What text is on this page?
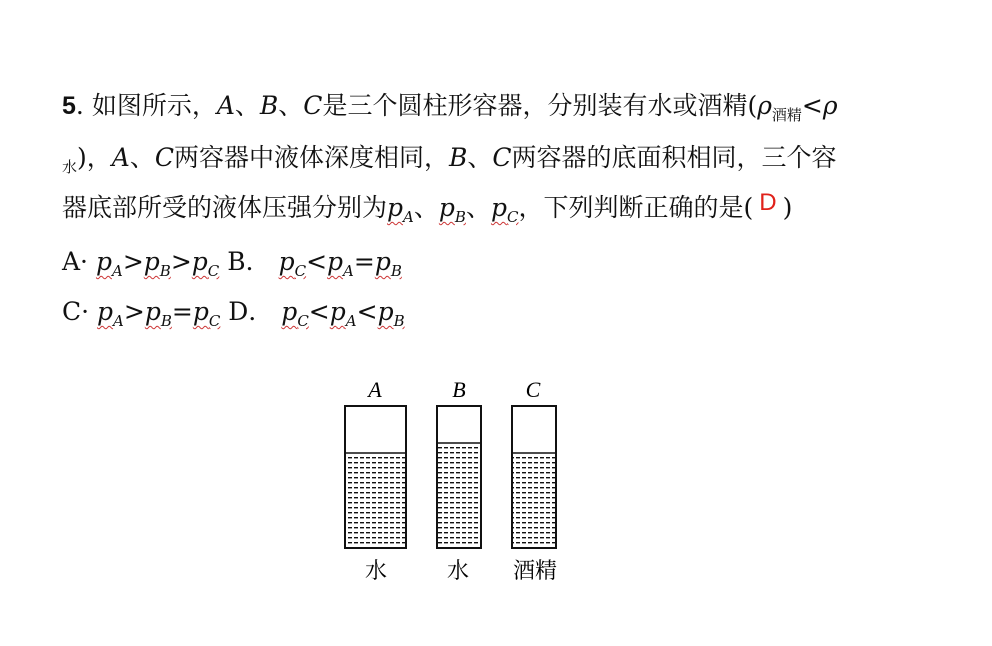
5. 如图所示，A、B、C是三个圆柱形容器，分别装有水或酒精($\rho_{酒精}<\rho$
$_水$)，A、C两容器中液体深度相同，B、C两容器的底面积相同，三个容
器底部所受的液体压强分别为$p_A$、$p_B$、$p_C$，下列判断正确的是( D )
$A\cdot p_A>p_B>p_C$ B． $p_C<p_A=p_B$
$C\cdot p_A>p_B=p_C$ D． $p_C<p_A<p_B$
A
水
B
水
C
酒精
